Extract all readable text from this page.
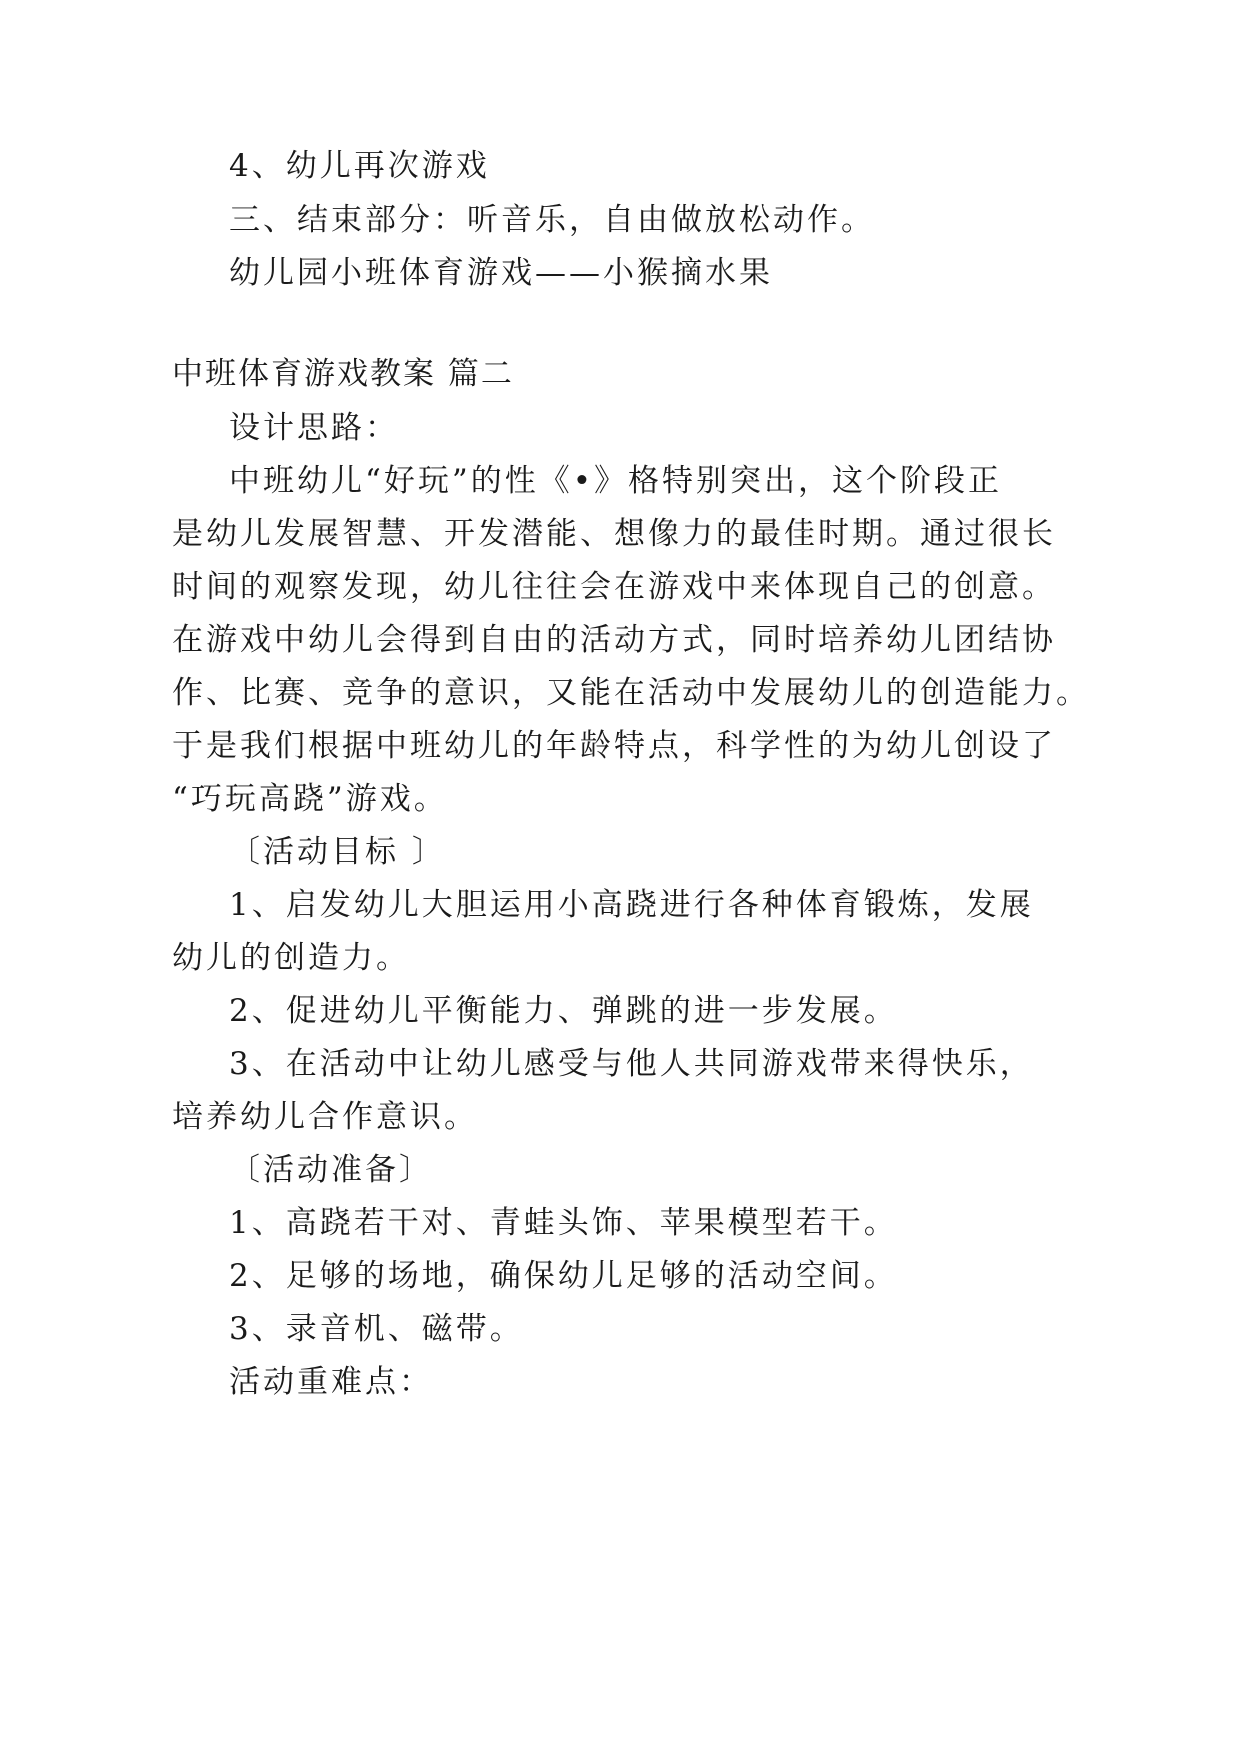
4、幼儿再次游戏
三、结束部分：听音乐，自由做放松动作。
幼儿园小班体育游戏——小猴摘水果
中班体育游戏教案 篇二
设计思路：
中班幼儿“好玩”的性《•》格特别突出，这个阶段正
是幼儿发展智慧、开发潜能、想像力的最佳时期。通过很长
时间的观察发现，幼儿往往会在游戏中来体现自己的创意。
在游戏中幼儿会得到自由的活动方式，同时培养幼儿团结协
作、比赛、竞争的意识，又能在活动中发展幼儿的创造能力。
于是我们根据中班幼儿的年龄特点，科学性的为幼儿创设了
“巧玩高跷”游戏。
〔活动目标 〕
1、启发幼儿大胆运用小高跷进行各种体育锻炼，发展
幼儿的创造力。
2、促进幼儿平衡能力、弹跳的进一步发展。
3、在活动中让幼儿感受与他人共同游戏带来得快乐，
培养幼儿合作意识。
〔活动准备〕
1、高跷若干对、青蛙头饰、苹果模型若干。
2、足够的场地，确保幼儿足够的活动空间。
3、录音机、磁带。
活动重难点：
